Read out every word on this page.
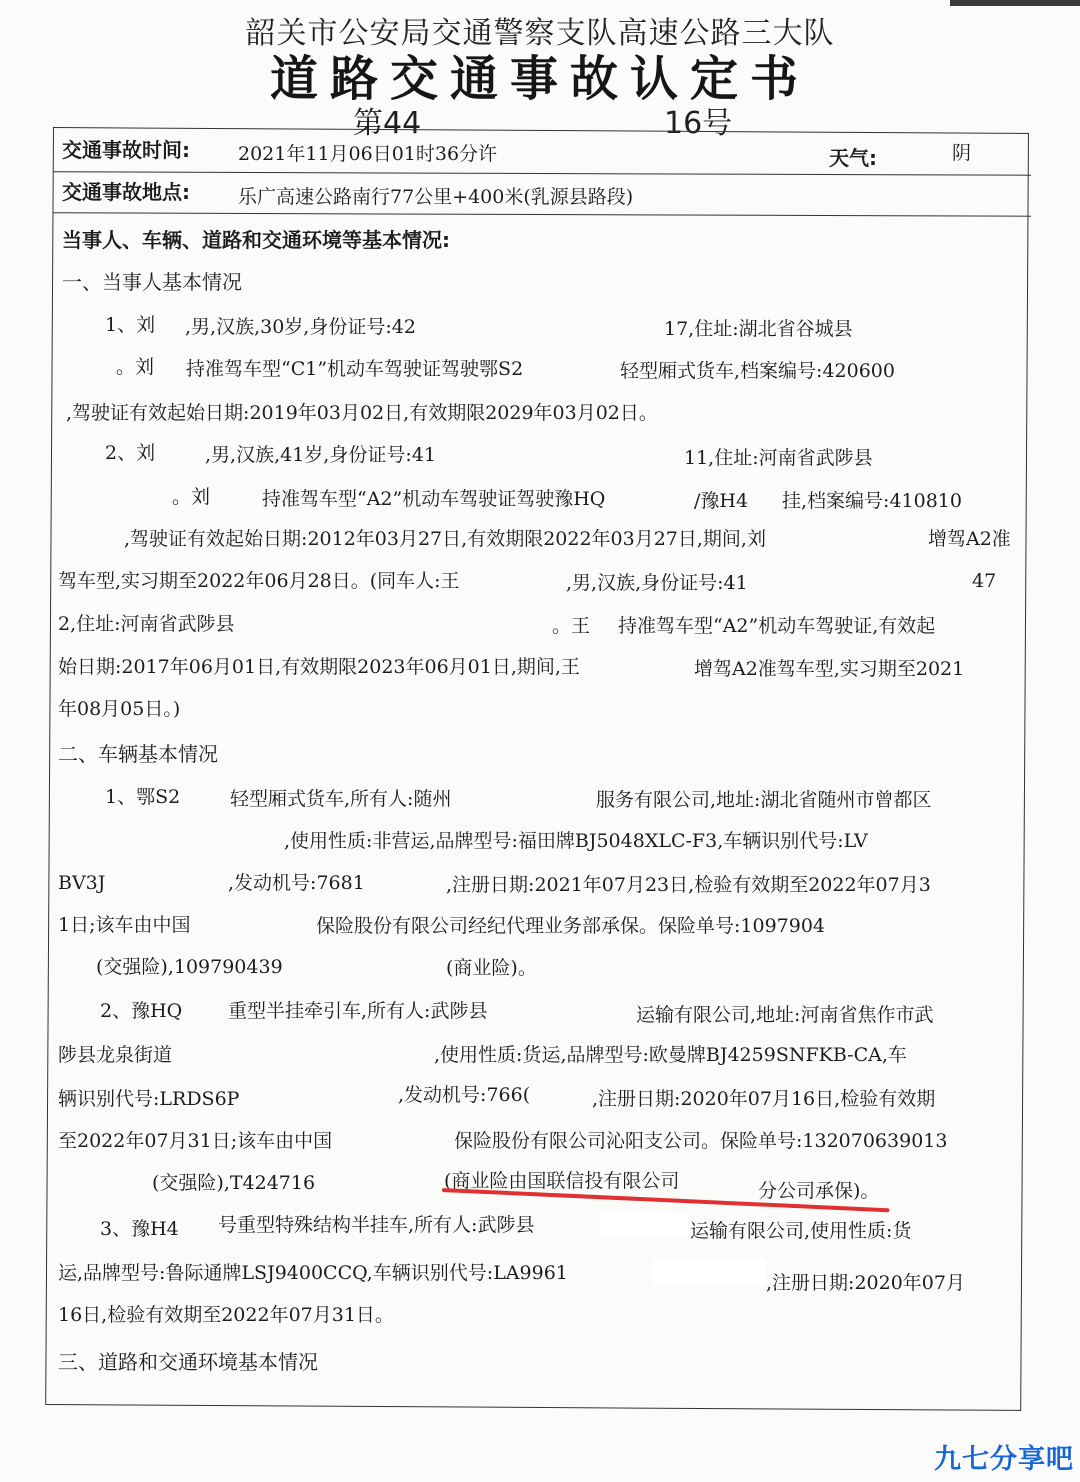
韶关市公安局交通警察支队高速公路三大队
道路交通事故认定书
第44	16号
交通事故时间:	2021年11月06日01时36分许	天气:	阴
交通事故地点:	乐广高速公路南行77公里+400米(乳源县路段)
当事人、车辆、道路和交通环境等基本情况:
一、当事人基本情况
1、刘 ,男,汉族,30岁,身份证号:42	17,住址:湖北省谷城县
。刘 持准驾车型“C1”机动车驾驶证驾驶鄂S2	轻型厢式货车,档案编号:420600
,驾驶证有效起始日期:2019年03月02日,有效期限2029年03月02日。
2、刘	,男,汉族,41岁,身份证号:41	11,住址:河南省武陟县
。刘	持准驾车型“A2”机动车驾驶证驾驶豫HQ	/豫H4 挂,档案编号:410810
,驾驶证有效起始日期:2012年03月27日,有效期限2022年03月27日,期间,刘	增驾A2准
驾车型,实习期至2022年06月28日。(同车人:王	,男,汉族,身份证号:41	47
2,住址:河南省武陟县	。王 持准驾车型“A2”机动车驾驶证,有效起
始日期:2017年06月01日,有效期限2023年06月01日,期间,王	增驾A2准驾车型,实习期至2021
年08月05日。)
二、车辆基本情况
1、鄂S2	轻型厢式货车,所有人:随州	服务有限公司,地址:湖北省随州市曾都区
,使用性质:非营运,品牌型号:福田牌BJ5048XLC-F3,车辆识别代号:LV
BV3J	,发动机号:7681	,注册日期:2021年07月23日,检验有效期至2022年07月3
1日;该车由中国	保险股份有限公司经纪代理业务部承保。保险单号:1097904
(交强险),109790439	(商业险)。
2、豫HQ 重型半挂牵引车,所有人:武陟县	运输有限公司,地址:河南省焦作市武
陟县龙泉街道	,使用性质:货运,品牌型号:欧曼牌BJ4259SNFKB-CA,车
辆识别代号:LRDS6P	,发动机号:766(	,注册日期:2020年07月16日,检验有效期
至2022年07月31日;该车由中国	保险股份有限公司沁阳支公司。保险单号:132070639013
(交强险),T424716	(商业险由国联信投有限公司	分公司承保)。
3、豫H4 号重型特殊结构半挂车,所有人:武陟县	运输有限公司,使用性质:货
运,品牌型号:鲁际通牌LSJ9400CCQ,车辆识别代号:LA9961	,注册日期:2020年07月
16日,检验有效期至2022年07月31日。
三、道路和交通环境基本情况
九七分享吧
